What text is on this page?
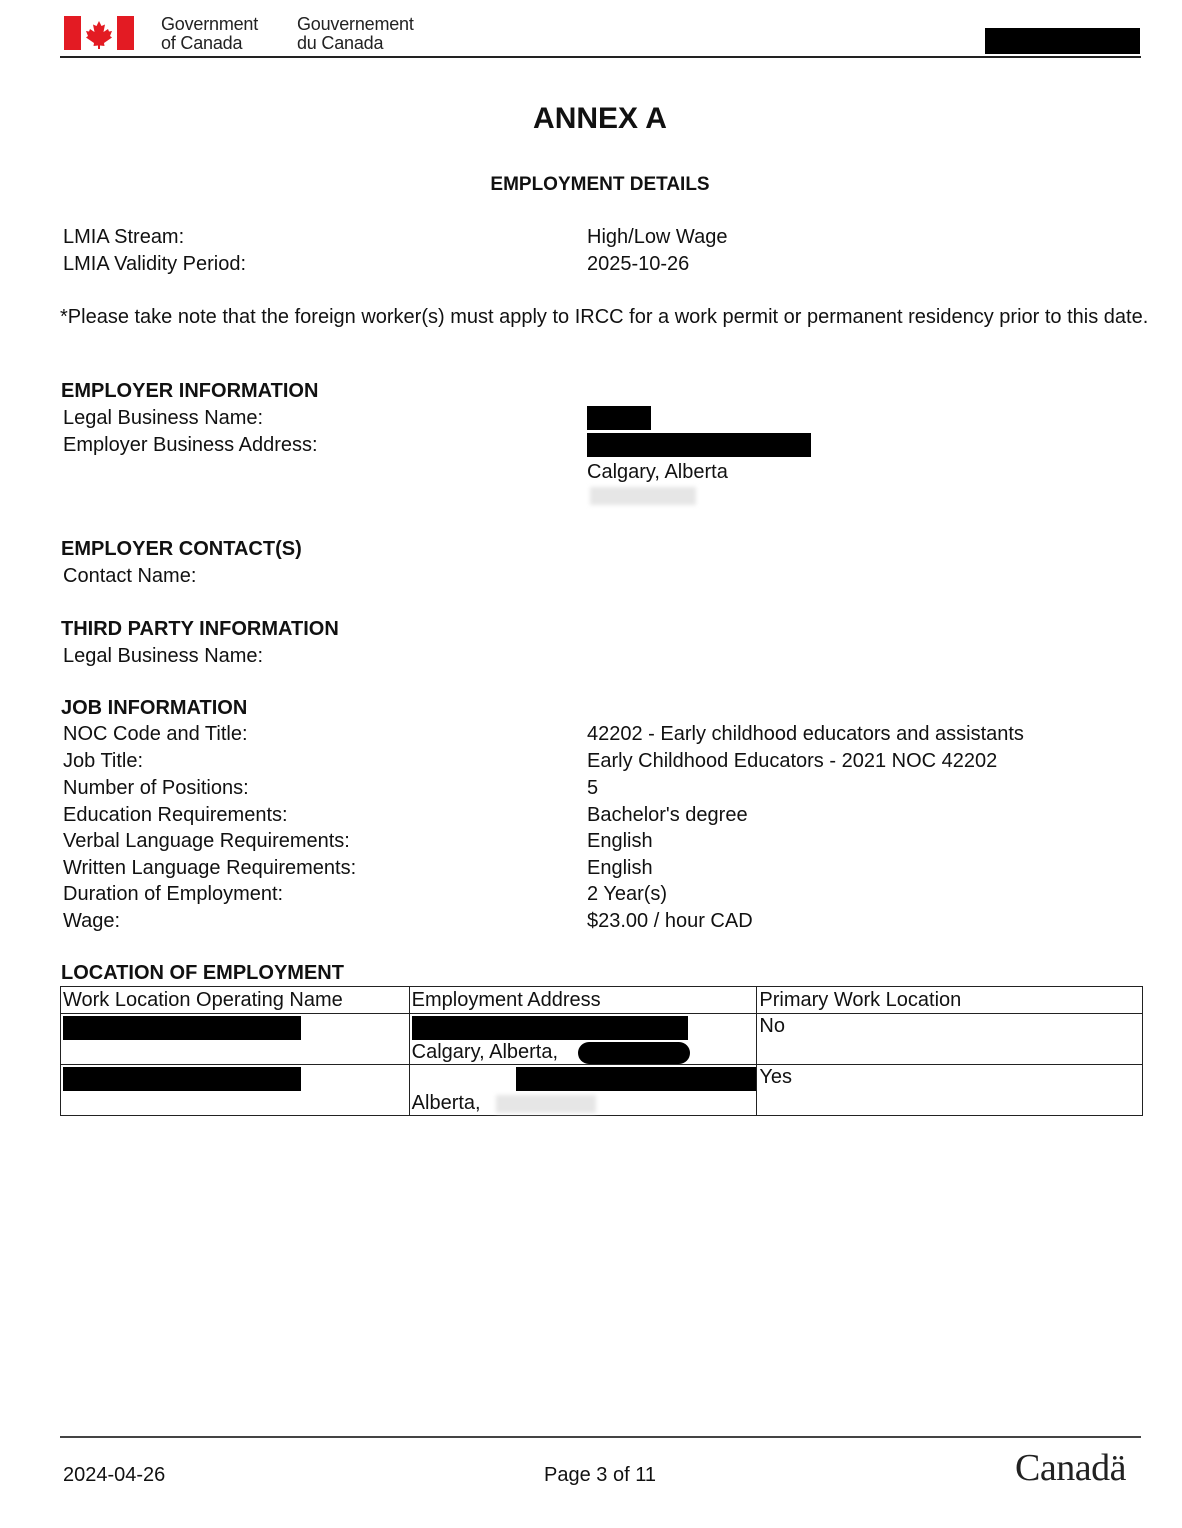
Government
of Canada
Gouvernement
du Canada
ANNEX A
EMPLOYMENT DETAILS
LMIA Stream:	High/Low Wage
LMIA Validity Period:	2025-10-26
*Please take note that the foreign worker(s) must apply to IRCC for a work permit or permanent residency prior to this date.
EMPLOYER INFORMATION
Legal Business Name:
Employer Business Address:
Calgary, Alberta
EMPLOYER CONTACT(S)
Contact Name:
THIRD PARTY INFORMATION
Legal Business Name:
JOB INFORMATION
NOC Code and Title:	42202 - Early childhood educators and assistants
Job Title:	Early Childhood Educators - 2021 NOC 42202
Number of Positions:	5
Education Requirements:	Bachelor's degree
Verbal Language Requirements:	English
Written Language Requirements:	English
Duration of Employment:	2 Year(s)
Wage:	$23.00 / hour CAD
LOCATION OF EMPLOYMENT
Work Location Operating Name	Employment Address	Primary Work Location

	Calgary, Alberta,	No

	Alberta,	Yes
2024-04-26	Page 3 of 11	Canadä
